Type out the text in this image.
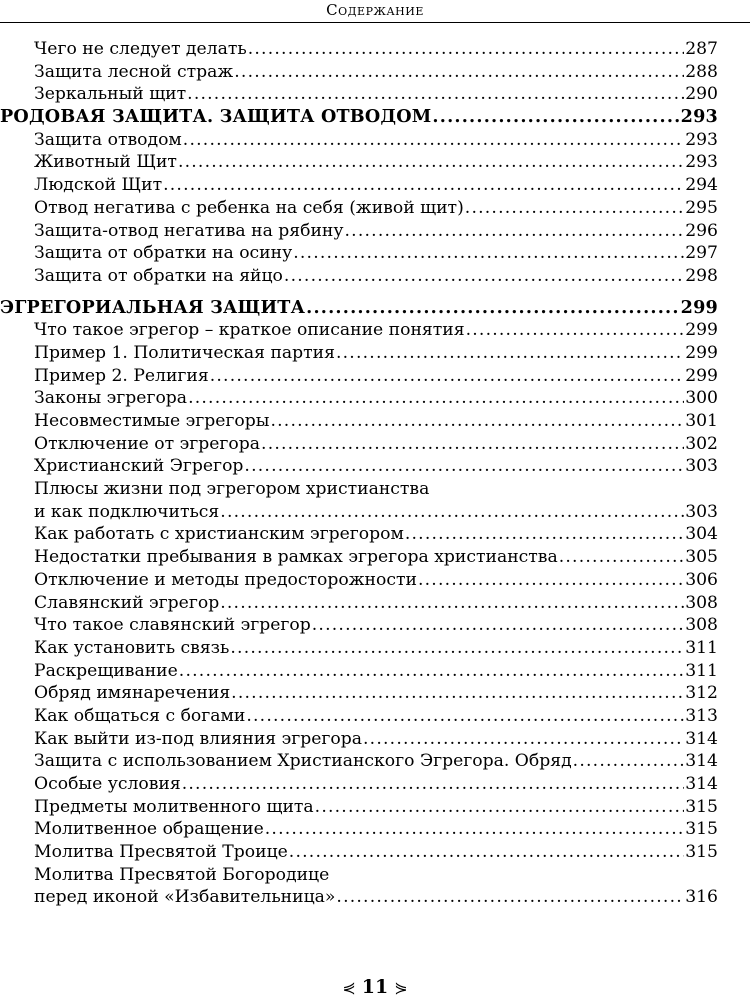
Содержание
Чего не следует делать .....	287
Защита лесной страж .....	288
Зеркальный щит .....	290
РОДОВАЯ ЗАЩИТА. ЗАЩИТА ОТВОДОМ .....	293
Защита отводом .....	293
Животный Щит .....	293
Людской Щит .....	294
Отвод негатива с ребенка на себя (живой щит) .....	295
Защита-отвод негатива на рябину .....	296
Защита от обратки на осину .....	297
Защита от обратки на яйцо .....	298
ЭГРЕГОРИАЛЬНАЯ ЗАЩИТА .....	299
Что такое эгрегор – краткое описание понятия .....	299
Пример 1. Политическая партия .....	299
Пример 2. Религия .....	299
Законы эгрегора .....	300
Несовместимые эгрегоры .....	301
Отключение от эгрегора .....	302
Христианский Эгрегор .....	303
Плюсы жизни под эгрегором христианства
и как подключиться .....	303
Как работать с христианским эгрегором .....	304
Недостатки пребывания в рамках эгрегора христианства .....	305
Отключение и методы предосторожности .....	306
Славянский эгрегор .....	308
Что такое славянский эгрегор .....	308
Как установить связь .....	311
Раскрещивание .....	311
Обряд имянаречения .....	312
Как общаться с богами .....	313
Как выйти из-под влияния эгрегора .....	314
Защита с использованием Христианского Эгрегора. Обряд .....	314
Особые условия .....	314
Предметы молитвенного щита .....	315
Молитвенное обращение .....	315
Молитва Пресвятой Троице .....	315
Молитва Пресвятой Богородице
перед иконой «Избавительница» .....	316
⋞ 11 ⋟
